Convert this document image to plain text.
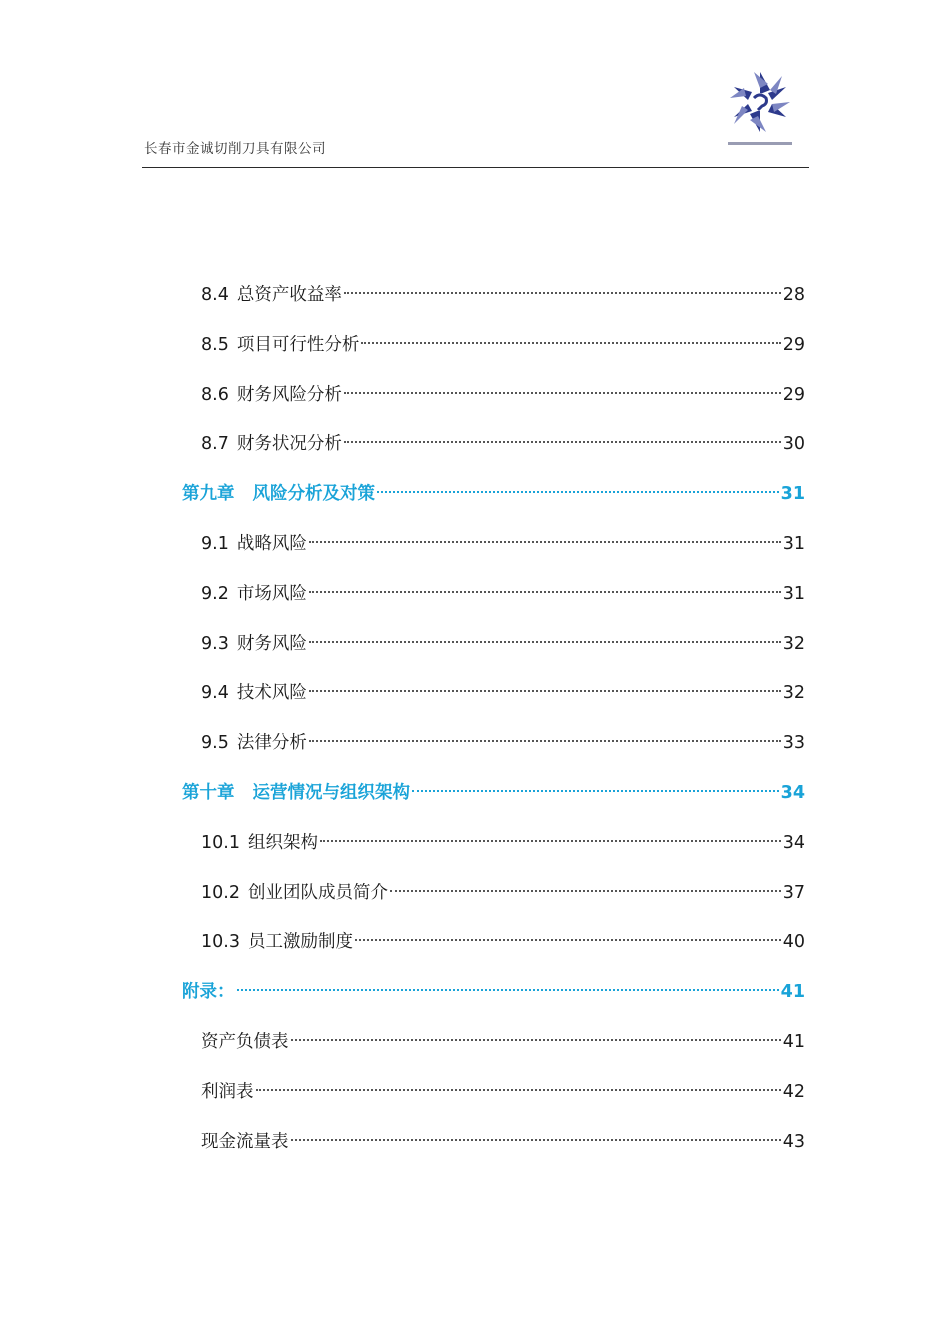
长春市金诚切削刀具有限公司
8.4 总资产收益率	28
8.5 项目可行性分析	29
8.6 财务风险分析	29
8.7 财务状况分析	30
第九章 风险分析及对策	31
9.1 战略风险	31
9.2 市场风险	31
9.3 财务风险	32
9.4 技术风险	32
9.5 法律分析	33
第十章 运营情况与组织架构	34
10.1 组织架构	34
10.2 创业团队成员简介	37
10.3 员工激励制度	40
附录：	41
资产负债表	41
利润表	42
现金流量表	43
